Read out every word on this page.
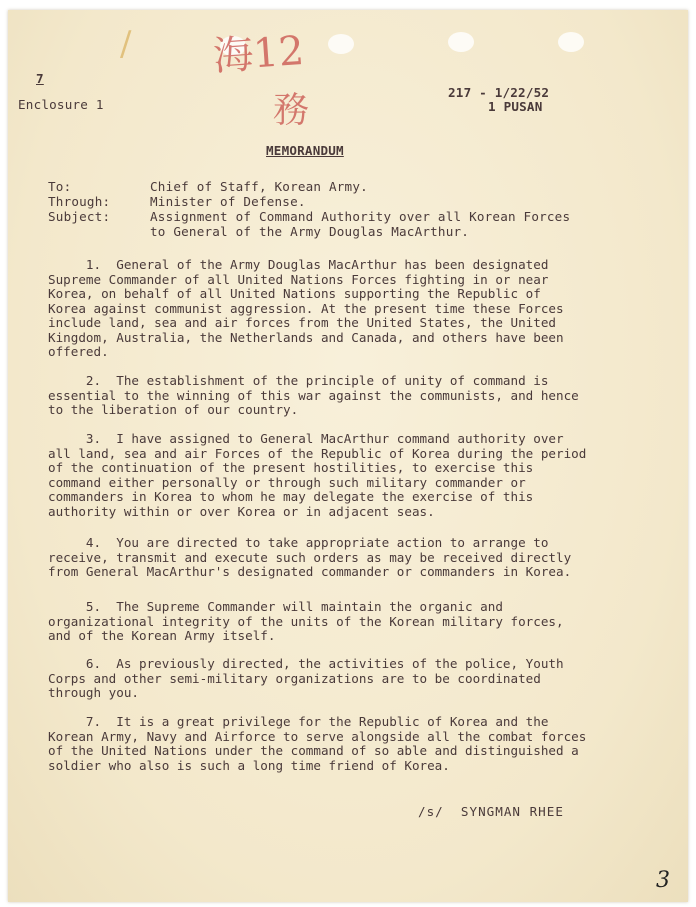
海12
務
/
7
Enclosure 1
217 - 1/22/52
1 PUSAN
MEMORANDUM
To:	Chief of Staff, Korean Army.
Through:	Minister of Defense.
Subject:	Assignment of Command Authority over all Korean Forces
to General of the Army Douglas MacArthur.
1.  General of the Army Douglas MacArthur has been designated
Supreme Commander of all United Nations Forces fighting in or near
Korea, on behalf of all United Nations supporting the Republic of
Korea against communist aggression. At the present time these Forces
include land, sea and air forces from the United States, the United
Kingdom, Australia, the Netherlands and Canada, and others have been
offered.
2.  The establishment of the principle of unity of command is
essential to the winning of this war against the communists, and hence
to the liberation of our country.
3.  I have assigned to General MacArthur command authority over
all land, sea and air Forces of the Republic of Korea during the period
of the continuation of the present hostilities, to exercise this
command either personally or through such military commander or
commanders in Korea to whom he may delegate the exercise of this
authority within or over Korea or in adjacent seas.
4.  You are directed to take appropriate action to arrange to
receive, transmit and execute such orders as may be received directly
from General MacArthur's designated commander or commanders in Korea.
5.  The Supreme Commander will maintain the organic and
organizational integrity of the units of the Korean military forces,
and of the Korean Army itself.
6.  As previously directed, the activities of the police, Youth
Corps and other semi-military organizations are to be coordinated
through you.
7.  It is a great privilege for the Republic of Korea and the
Korean Army, Navy and Airforce to serve alongside all the combat forces
of the United Nations under the command of so able and distinguished a
soldier who also is such a long time friend of Korea.
/s/  SYNGMAN RHEE
3
